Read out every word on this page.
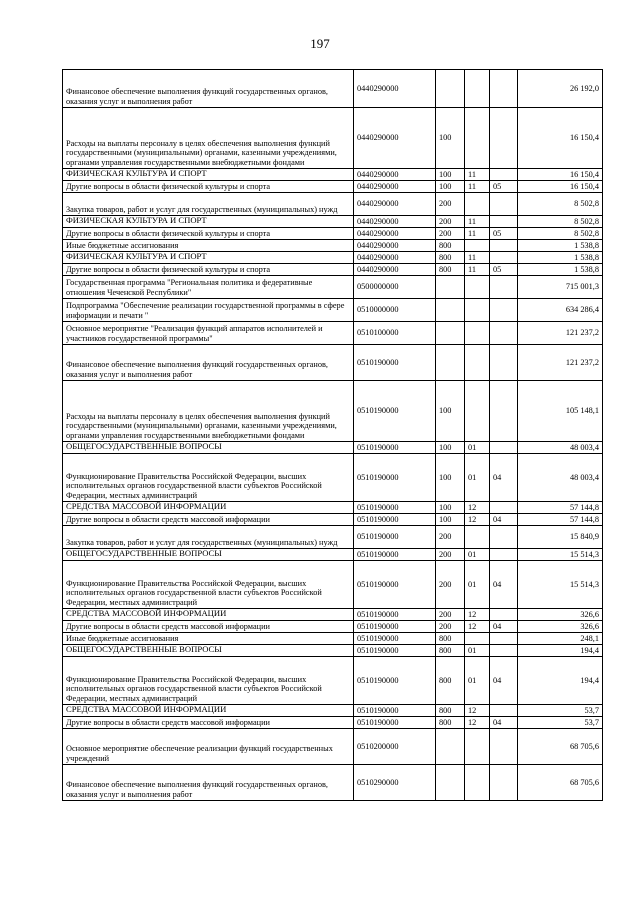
197
Финансовое обеспечение выполнения функций государственных органов, оказания услуг и выполнения работ	0440290000				26 192,0
Расходы на выплаты персоналу в целях обеспечения выполнения функций государственными (муниципальными) органами, казенными учреждениями, органами управления государственными внебюджетными фондами	0440290000	100			16 150,4
ФИЗИЧЕСКАЯ КУЛЬТУРА И СПОРТ	0440290000	100	11		16 150,4
Другие вопросы в области физической культуры и спорта	0440290000	100	11	05	16 150,4
Закупка товаров, работ и услуг для государственных (муниципальных) нужд	0440290000	200			8 502,8
ФИЗИЧЕСКАЯ КУЛЬТУРА И СПОРТ	0440290000	200	11		8 502,8
Другие вопросы в области физической культуры и спорта	0440290000	200	11	05	8 502,8
Иные бюджетные ассигнования	0440290000	800			1 538,8
ФИЗИЧЕСКАЯ КУЛЬТУРА И СПОРТ	0440290000	800	11		1 538,8
Другие вопросы в области физической культуры и спорта	0440290000	800	11	05	1 538,8
Государственная программа "Региональная политика и федеративные отношения Чеченской Республики"	0500000000				715 001,3
Подпрограмма "Обеспечение реализации государственной программы в сфере информации и печати "	0510000000				634 286,4
Основное мероприятие "Реализация функций аппаратов исполнителей и участников государственной программы"	0510100000				121 237,2
Финансовое обеспечение выполнения функций государственных органов, оказания услуг и выполнения работ	0510190000				121 237,2
Расходы на выплаты персоналу в целях обеспечения выполнения функций государственными (муниципальными) органами, казенными учреждениями, органами управления государственными внебюджетными фондами	0510190000	100			105 148,1
ОБЩЕГОСУДАРСТВЕННЫЕ ВОПРОСЫ	0510190000	100	01		48 003,4
Функционирование Правительства Российской Федерации, высших исполнительных органов государственной власти субъектов Российской Федерации, местных администраций	0510190000	100	01	04	48 003,4
СРЕДСТВА МАССОВОЙ ИНФОРМАЦИИ	0510190000	100	12		57 144,8
Другие вопросы в области средств массовой информации	0510190000	100	12	04	57 144,8
Закупка товаров, работ и услуг для государственных (муниципальных) нужд	0510190000	200			15 840,9
ОБЩЕГОСУДАРСТВЕННЫЕ ВОПРОСЫ	0510190000	200	01		15 514,3
Функционирование Правительства Российской Федерации, высших исполнительных органов государственной власти субъектов Российской Федерации, местных администраций	0510190000	200	01	04	15 514,3
СРЕДСТВА МАССОВОЙ ИНФОРМАЦИИ	0510190000	200	12		326,6
Другие вопросы в области средств массовой информации	0510190000	200	12	04	326,6
Иные бюджетные ассигнования	0510190000	800			248,1
ОБЩЕГОСУДАРСТВЕННЫЕ ВОПРОСЫ	0510190000	800	01		194,4
Функционирование Правительства Российской Федерации, высших исполнительных органов государственной власти субъектов Российской Федерации, местных администраций	0510190000	800	01	04	194,4
СРЕДСТВА МАССОВОЙ ИНФОРМАЦИИ	0510190000	800	12		53,7
Другие вопросы в области средств массовой информации	0510190000	800	12	04	53,7
Основное мероприятие обеспечение реализации функций государственных учреждений	0510200000				68 705,6
Финансовое обеспечение выполнения функций государственных органов, оказания услуг и выполнения работ	0510290000				68 705,6
